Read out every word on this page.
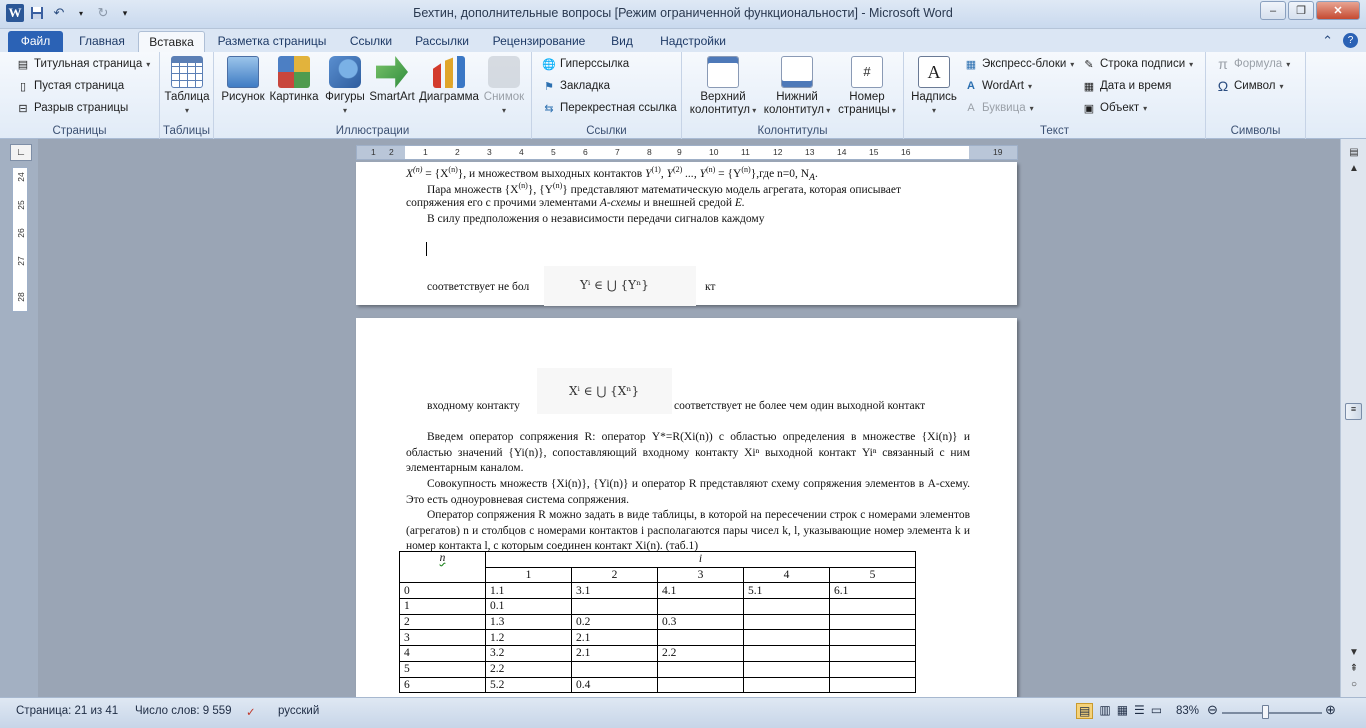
W ↶	▾	↻	▾	Бехтин, дополнительные вопросы [Режим ограниченной функциональности] - Microsoft Word	–	❐	✕
Файл	Главная	Вставка	Разметка страницы	Ссылки	Рассылки	Рецензирование	Вид	Надстройки	⌃	?
▤ Титульная страница ▾
▯ Пустая страница
⊟ Разрыв страницы
Страницы
Таблица
▾
Таблицы
Рисунок Картинка Фигуры
▾
SmartArt Диаграмма Снимок
▾
Иллюстрации
🌐 Гиперссылка
⚑ Закладка
⇆ Перекрестная ссылка
Ссылки
Верхний
колонтитул ▾
Нижний
колонтитул ▾
#
Номер
страницы ▾
Колонтитулы
A
Надпись
▾
▦ Экспресс-блоки ▾
A WordArt ▾
A Буквица ▾
✎ Строка подписи ▾
▦ Дата и время
▣ Объект ▾
Текст
π Формула ▾
Ω Символ ▾
Символы
∟
24
25
26
27
28
1 2	1	2	3	4	5	6	7	8	9	10	11	12	13	14	15	16	19
$X^{(n)} = \{X^{(n)}\}$, и множеством выходных контактов $Y^{(1)}$, $Y^{(2)}$ ..., $Y^{(n)} = \{Y^{(n)}\},где$ n=0, $N_A$.
Пара множеств $\{X^{(n)}\}$, $\{Y^{(n)}\}$ представляют математическую модель агрегата, которая описывает
сопряжения его с прочими элементами A-схемы и внешней средой E.
В силу предположения о независимости передачи сигналов каждому
соответствует не бол	Yⁱ ∈ ⋃ {Yⁿ}	кт
Xⁱ ∈ ⋃ {Xⁿ}
входному контакту	соответствует не более чем один выходной контакт
Введем оператор сопряжения R: оператор Y*=R(Xi(n)) с областью определения в множестве {Xi(n)} и областью значений {Yi(n)}, сопоставляющий входному контакту Xiⁿ выходной контакт Yiⁿ связанный с ним элементарным каналом.
Совокупность множеств {Xi(n)}, {Yi(n)} и оператор R представляют схему сопряжения элементов в A-схему. Это есть одноуровневая система сопряжения.
Оператор сопряжения R можно задать в виде таблицы, в которой на пересечении строк с номерами элементов (агрегатов) n и столбцов с номерами контактов i располагаются пары чисел k, l, указывающие номер элемента k и номер контакта l, с которым соединен контакт Xi(n). (таб.1)
n	i				
	1	2	3	4	5
0	1.1	3.1	4.1	5.1	6.1
1	0.1				
2	1.3	0.2	0.3		
3	1.2	2.1			
4	3.2	2.1	2.2		
5	2.2				
6	5.2	0.4			
▤
▲
≡
▼
⇞
○
Страница: 21 из 41 Число слов: 9 559 ✓ русский	▤ ▥ ▦ ☰ ▭ 83% ⊖	⊕
